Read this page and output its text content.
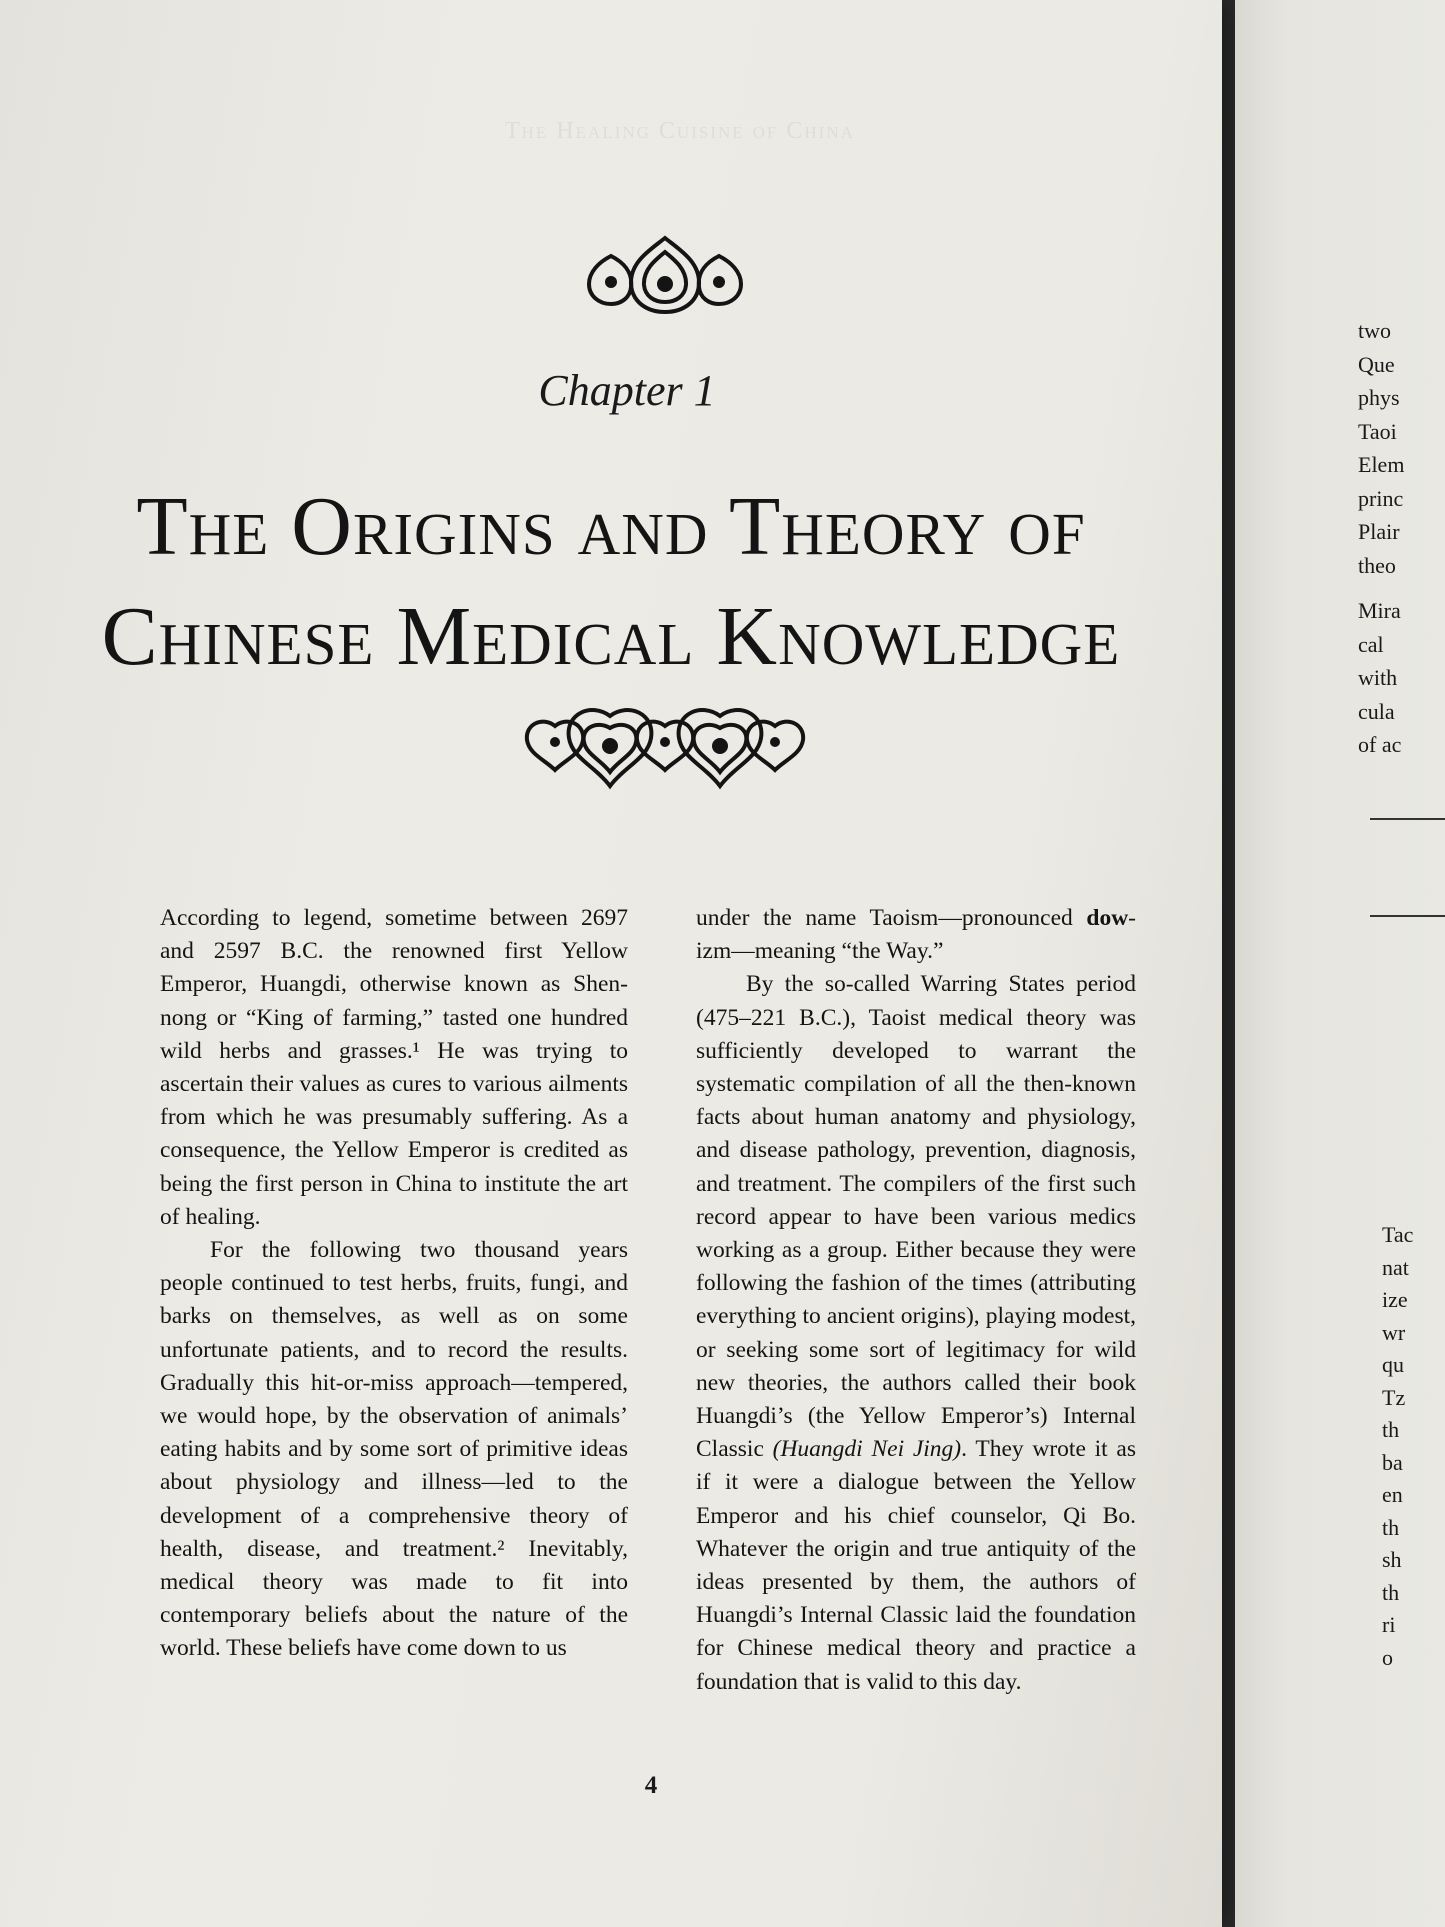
The Healing Cuisine of China
Chapter 1
The Origins and Theory of
Chinese Medical Knowledge

According to legend, sometime between 2697 and 2597 B.C. the renowned first Yellow Emperor, Huangdi, otherwise known as Shen-nong or “King of farming,” tasted one hundred wild herbs and grasses.¹ He was trying to ascertain their values as cures to various ailments from which he was presumably suffering. As a consequence, the Yellow Emperor is credited as being the first person in China to institute the art of healing.

For the following two thousand years people continued to test herbs, fruits, fungi, and barks on themselves, as well as on some unfortunate patients, and to record the results. Gradually this hit-or-miss approach—tempered, we would hope, by the observation of animals’ eating habits and by some sort of primitive ideas about physiology and illness—led to the development of a comprehensive theory of health, disease, and treatment.² Inevitably, medical theory was made to fit into contemporary beliefs about the nature of the world. These beliefs have come down to us

under the name Taoism—pronounced dow-izm—meaning “the Way.”

By the so-called Warring States period (475–221 B.C.), Taoist medical theory was sufficiently developed to warrant the systematic compilation of all the then-known facts about human anatomy and physiology, and disease pathology, prevention, diagnosis, and treatment. The compilers of the first such record appear to have been various medics working as a group. Either because they were following the fashion of the times (attributing everything to ancient origins), playing modest, or seeking some sort of legitimacy for wild new theories, the authors called their book Huangdi’s (the Yellow Emperor’s) Internal Classic (Huangdi Nei Jing). They wrote it as if it were a dialogue between the Yellow Emperor and his chief counselor, Qi Bo. Whatever the origin and true antiquity of the ideas presented by them, the authors of Huangdi’s Internal Classic laid the foundation for Chinese medical theory and practice a foundation that is valid to this day.

4
two
Que
phys
Taoi
Elem
princ
Plair
theo
Mira
cal
with
cula
of ac
Tac
nat
ize
wr
qu
Tz
th
ba
en
th
sh
th
ri
o
